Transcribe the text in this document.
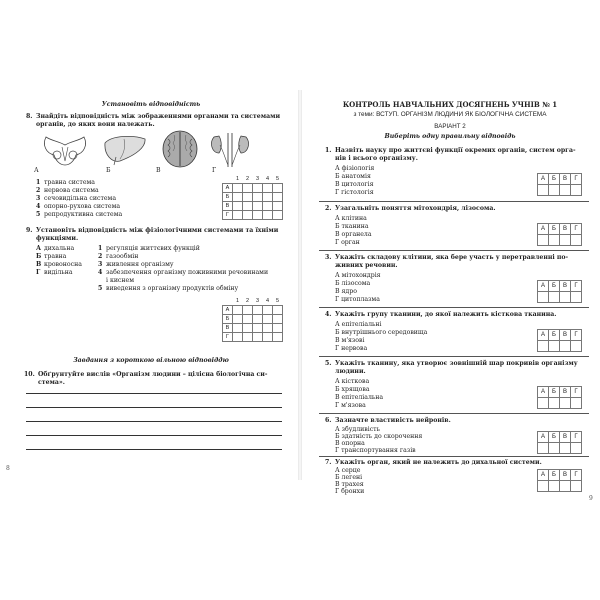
Установіть відповідність
8. Знайдіть відповідність між зображеннями органами та системами
органів, до яких вони належать.
А	Б	В	Г
1 травна система
2 нервова система
3 сечовидільна система
4 опорно-рухова система
5 репродуктивна система
	1	2	3	4	5
А					
Б					
В					
Г					
9. Установіть відповідність між фізіологічними системами та їхніми
функціями.
А дихальна
Б травна
В кровоносна
Г видільна
1 регуляція життєвих функцій
2 газообмін
3 живлення організму
4 забезпечення організму поживними речовинами
і киснем
5 виведення з організму продуктів обміну
	1	2	3	4	5
А					
Б					
В					
Г					
Завдання з короткою вільною відповіддю
10. Обґрунтуйте вислів «Організм людини – цілісна біологічна си-
стема».
8
КОНТРОЛЬ НАВЧАЛЬНИХ ДОСЯГНЕНЬ УЧНІВ № 1
з теми: ВСТУП. ОРГАНІЗМ ЛЮДИНИ ЯК БІОЛОГІЧНА СИСТЕМА
ВАРІАНТ 2
Виберіть одну правильну відповідь
1. Назвіть науку про життєві функції окремих органів, систем орга-
нів і всього організму.
А фізіологія
Б анатомія
В цитологія
Г гістологія
А	Б	В	Г

2. Узагальніть поняття мітохондрія, лізосома.
А клітина
Б тканина
В органела
Г орган
А	Б	В	Г

3. Укажіть складову клітини, яка бере участь у перетравленні по-
живних речовин.
А мітохондрія
Б лізосома
В ядро
Г цитоплазма
А	Б	В	Г

4. Укажіть групу тканини, до якої належить кісткова тканина.
А епітеліальні
Б внутрішнього середовища
В м'язові
Г нервова
А	Б	В	Г

5. Укажіть тканину, яка утворює зовнішній шар покривів організму
людини.
А кісткова
Б хрящова
В епітеліальна
Г м'язова
А	Б	В	Г

6. Зазначте властивість нейронів.
А збудливість
Б здатність до скорочення
В опорна
Г транспортування газів
А	Б	В	Г

7. Укажіть орган, який не належить до дихальної системи.
А серце
Б легені
В трахея
Г бронхи
А	Б	В	Г

9
